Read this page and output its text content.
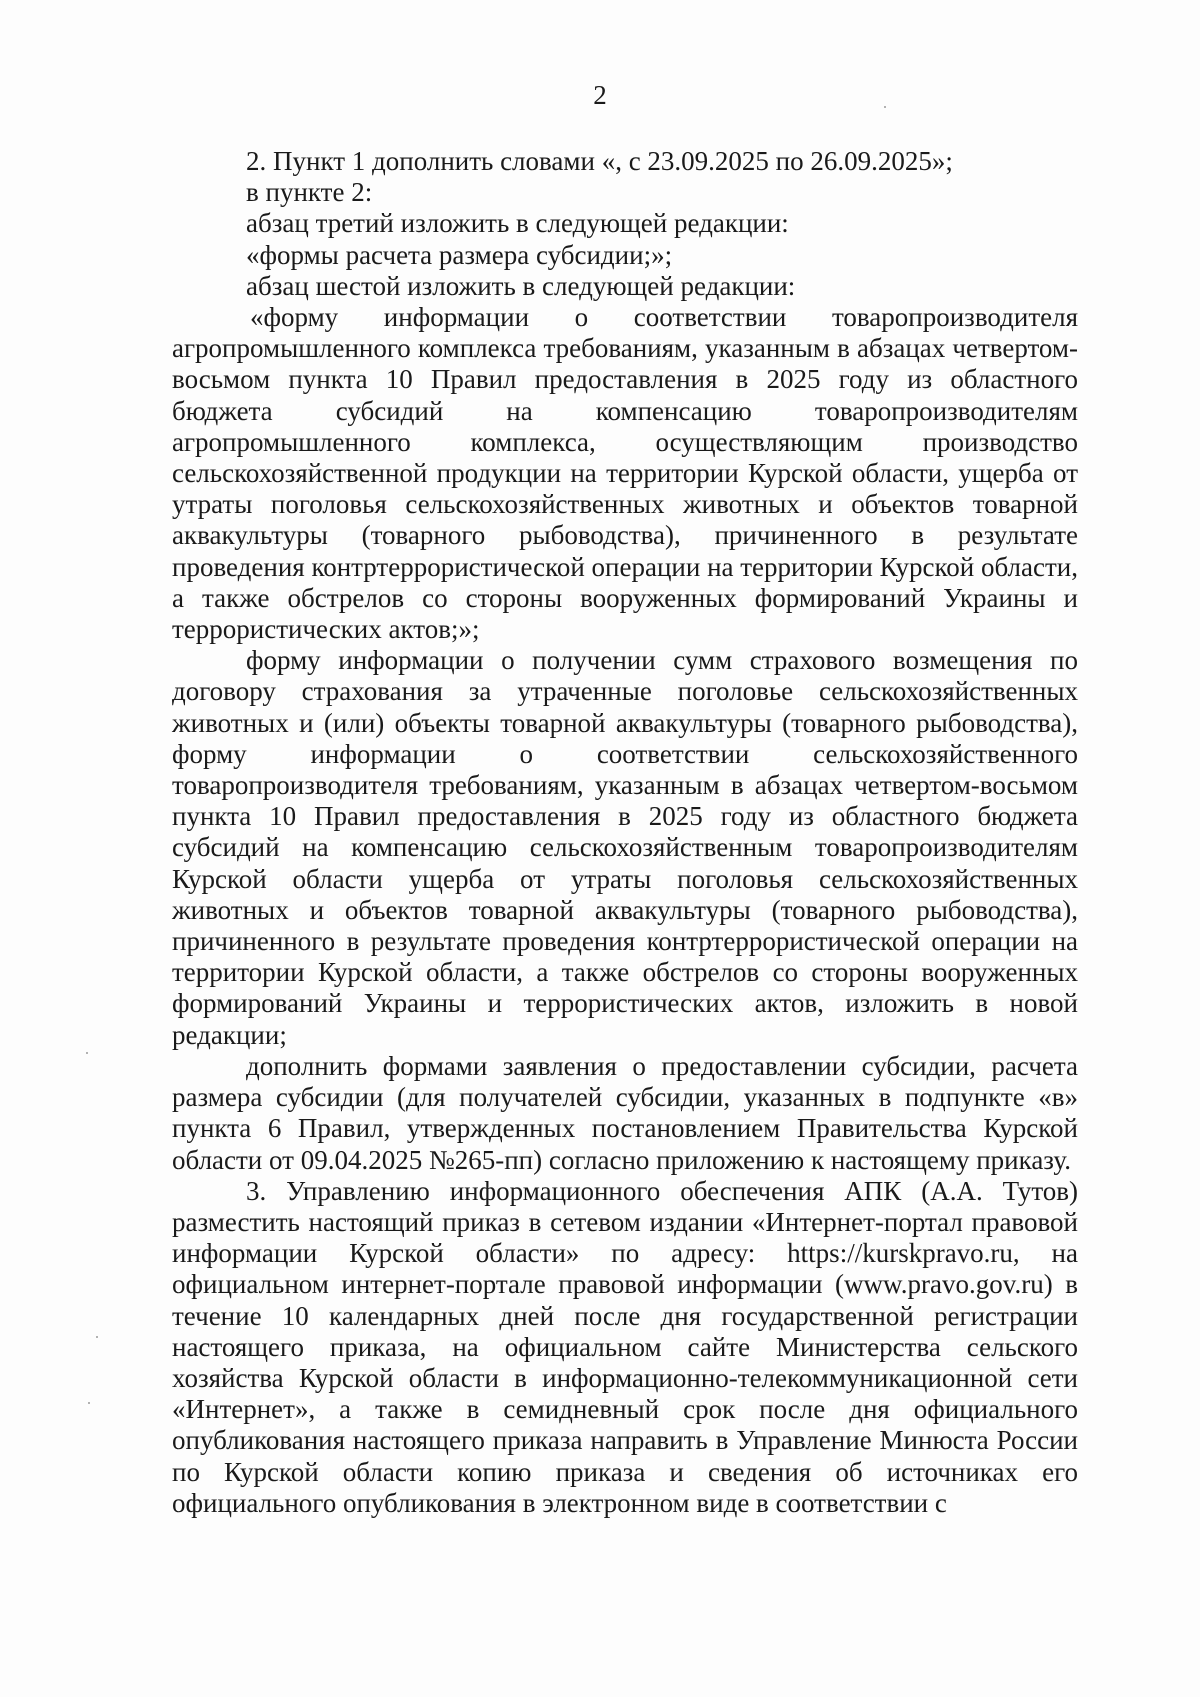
2

2. Пункт 1 дополнить словами «, с 23.09.2025 по 26.09.2025»;

в пункте 2:

абзац третий изложить в следующей редакции:

«формы расчета размера субсидии;»;

абзац шестой изложить в следующей редакции:

«форму информации о соответствии товаропроизводителя агропромышленного комплекса требованиям, указанным в абзацах четвертом-восьмом пункта 10 Правил предоставления в 2025 году из областного бюджета субсидий на компенсацию товаропроизводителям агропромышленного комплекса, осуществляющим производство сельскохозяйственной продукции на территории Курской области, ущерба от утраты поголовья сельскохозяйственных животных и объектов товарной аквакультуры (товарного рыбоводства), причиненного в результате проведения контртеррористической операции на территории Курской области, а также обстрелов со стороны вооруженных формирований Украины и террористических актов;»;

форму информации о получении сумм страхового возмещения по договору страхования за утраченные поголовье сельскохозяйственных животных и (или) объекты товарной аквакультуры (товарного рыбоводства), форму информации о соответствии сельскохозяйственного товаропроизводителя требованиям, указанным в абзацах четвертом-восьмом пункта 10 Правил предоставления в 2025 году из областного бюджета субсидий на компенсацию сельскохозяйственным товаропроизводителям Курской области ущерба от утраты поголовья сельскохозяйственных животных и объектов товарной аквакультуры (товарного рыбоводства), причиненного в результате проведения контртеррористической операции на территории Курской области, а также обстрелов со стороны вооруженных формирований Украины и террористических актов, изложить в новой редакции;

дополнить формами заявления о предоставлении субсидии, расчета размера субсидии (для получателей субсидии, указанных в подпункте «в» пункта 6 Правил, утвержденных постановлением Правительства Курской области от 09.04.2025 №265-пп) согласно приложению к настоящему приказу.

3. Управлению информационного обеспечения АПК (А.А. Тутов) разместить настоящий приказ в сетевом издании «Интернет-портал правовой информации Курской области» по адресу: https://kurskpravo.ru, на официальном интернет-портале правовой информации (www.pravo.gov.ru) в течение 10 календарных дней после дня государственной регистрации настоящего приказа, на официальном сайте Министерства сельского хозяйства Курской области в информационно-телекоммуникационной сети «Интернет», а также в семидневный срок после дня официального опубликования настоящего приказа направить в Управление Минюста России по Курской области копию приказа и сведения об источниках его официального опубликования в электронном виде в соответствии с
